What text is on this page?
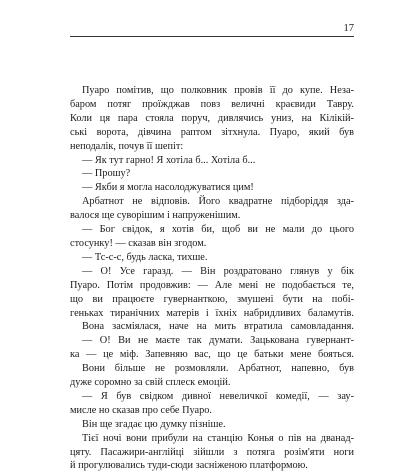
17
Пуаро помітив, що полковник провів її до купе. Неза-
баром потяг проїжджав повз величні краєвиди Тавру.
Коли ця пара стояла поруч, дивлячись униз, на Кілікій-
ські ворота, дівчина раптом зітхнула. Пуаро, який був
неподалік, почув її шепіт:
— Як тут гарно! Я хотіла б... Хотіла б...
— Прошу?
— Якби я могла насолоджуватися цим!
Арбатнот не відповів. Його квадратне підборіддя зда-
валося ще суворішим і напруженішим.
— Бог свідок, я хотів би, щоб ви не мали до цього
стосунку! — сказав він згодом.
— Тс-с-с, будь ласка, тихше.
— О! Усе гаразд. — Він роздратовано глянув у бік
Пуаро. Потім продовжив: — Але мені не подобається те,
що ви працюєте гувернанткою, змушені бути на побі-
геньках тиранічних матерів і їхніх набридливих баламутів.
Вона засміялася, наче на мить втратила самовладання.
— О! Ви не маєте так думати. Зацькована гувернант-
ка — це міф. Запевняю вас, що це батьки мене бояться.
Вони більше не розмовляли. Арбатнот, напевно, був
дуже соромно за свій сплеск емоцій.
— Я був свідком дивної невеличкої комедії, — зау-
мисле но сказав про себе Пуаро.
Він ще згадає цю думку пізніше.
Тієї ночі вони прибули на станцію Конья о пів на дванад-
цяту. Пасажири-англійці зійшли з потяга розім'яти ноги
й прогулювались туди-сюди засніженою платформою.
